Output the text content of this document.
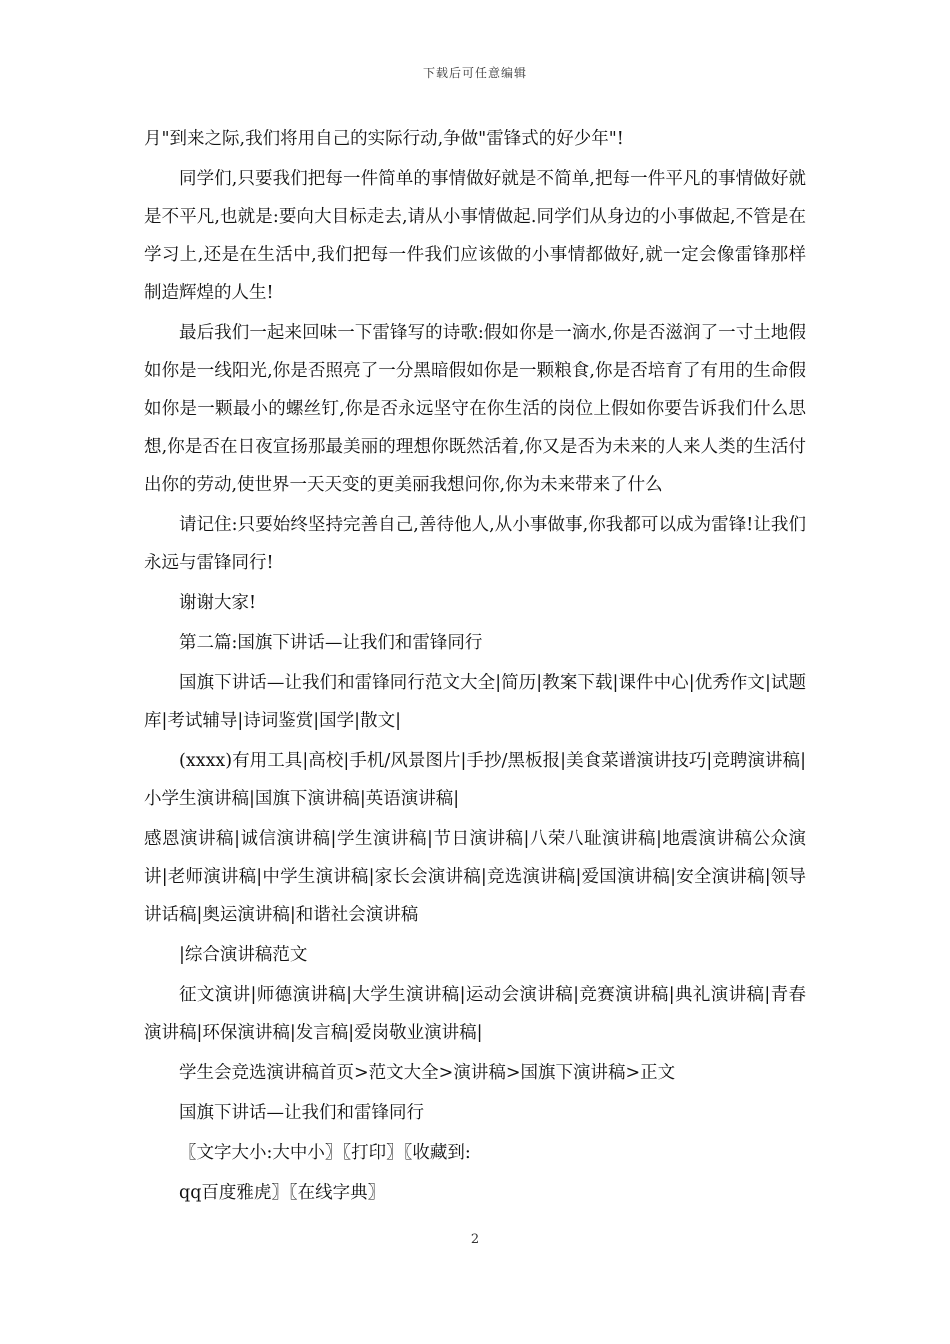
下载后可任意编辑

月"到来之际,我们将用自己的实际行动,争做"雷锋式的好少年"!

同学们,只要我们把每一件简单的事情做好就是不简单,把每一件平凡的事情做好就是不平凡,也就是:要向大目标走去,请从小事情做起.同学们从身边的小事做起,不管是在学习上,还是在生活中,我们把每一件我们应该做的小事情都做好,就一定会像雷锋那样制造辉煌的人生!

最后我们一起来回味一下雷锋写的诗歌:假如你是一滴水,你是否滋润了一寸土地假如你是一线阳光,你是否照亮了一分黑暗假如你是一颗粮食,你是否培育了有用的生命假如你是一颗最小的螺丝钉,你是否永远坚守在你生活的岗位上假如你要告诉我们什么思想,你是否在日夜宣扬那最美丽的理想你既然活着,你又是否为未来的人来人类的生活付出你的劳动,使世界一天天变的更美丽我想问你,你为未来带来了什么

请记住:只要始终坚持完善自己,善待他人,从小事做事,你我都可以成为雷锋!让我们永远与雷锋同行!

谢谢大家!

第二篇:国旗下讲话—让我们和雷锋同行

国旗下讲话—让我们和雷锋同行范文大全|简历|教案下载|课件中心|优秀作文|试题库|考试辅导|诗词鉴赏|国学|散文|

(xxxx)有用工具|高校|手机/风景图片|手抄/黑板报|美食菜谱演讲技巧|竞聘演讲稿|小学生演讲稿|国旗下演讲稿|英语演讲稿|

感恩演讲稿|诚信演讲稿|学生演讲稿|节日演讲稿|八荣八耻演讲稿|地震演讲稿公众演讲|老师演讲稿|中学生演讲稿|家长会演讲稿|竞选演讲稿|爱国演讲稿|安全演讲稿|领导讲话稿|奥运演讲稿|和谐社会演讲稿

|综合演讲稿范文

征文演讲|师德演讲稿|大学生演讲稿|运动会演讲稿|竞赛演讲稿|典礼演讲稿|青春演讲稿|环保演讲稿|发言稿|爱岗敬业演讲稿|

学生会竞选演讲稿首页>范文大全>演讲稿>国旗下演讲稿>正文

国旗下讲话—让我们和雷锋同行

〖文字大小:大中小〗〖打印〗〖收藏到:

qq百度雅虎〗〖在线字典〗

2
